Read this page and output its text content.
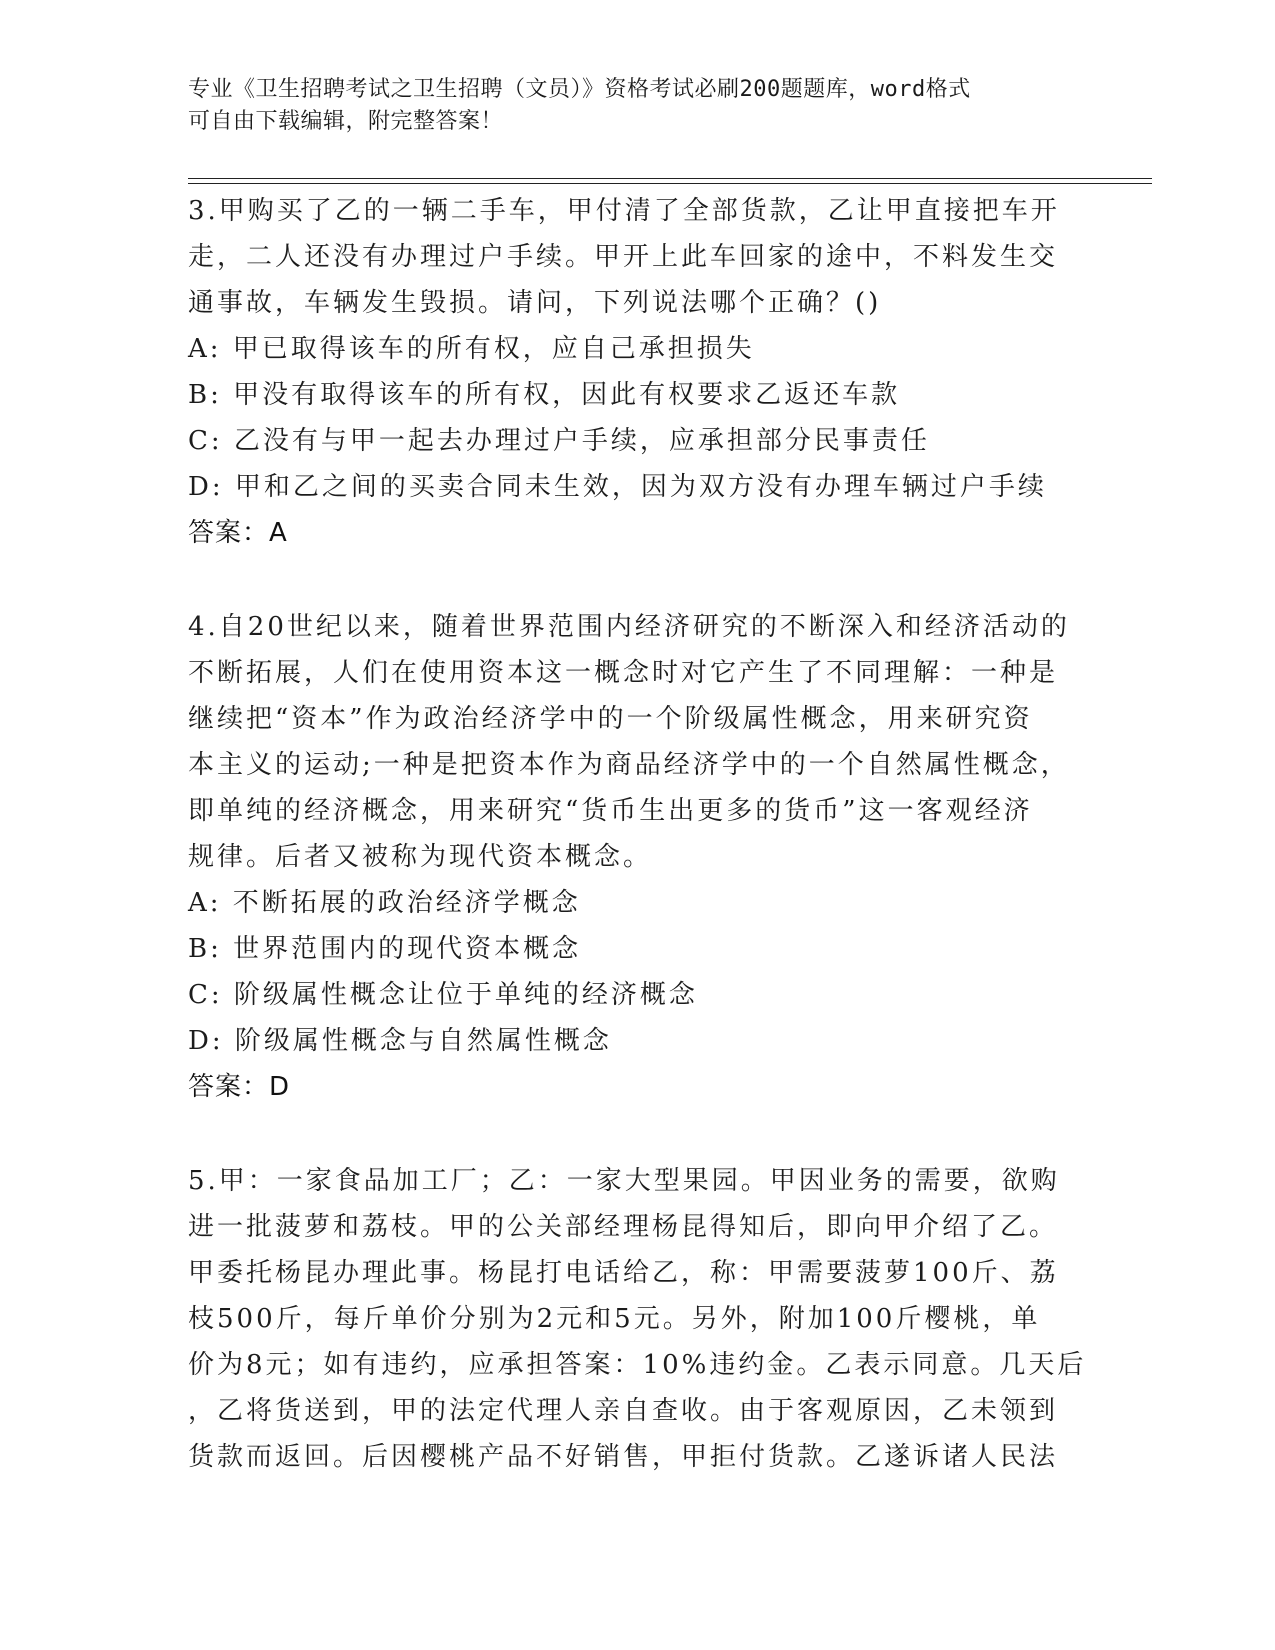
专业《卫生招聘考试之卫生招聘（文员）》资格考试必刷200题题库，word格式
可自由下载编辑，附完整答案！
3.甲购买了乙的一辆二手车，甲付清了全部货款，乙让甲直接把车开
走，二人还没有办理过户手续。甲开上此车回家的途中，不料发生交
通事故，车辆发生毁损。请问，下列说法哪个正确？()
A: 甲已取得该车的所有权，应自己承担损失
B: 甲没有取得该车的所有权，因此有权要求乙返还车款
C: 乙没有与甲一起去办理过户手续，应承担部分民事责任
D: 甲和乙之间的买卖合同未生效，因为双方没有办理车辆过户手续
答案：A
4.自20世纪以来，随着世界范围内经济研究的不断深入和经济活动的
不断拓展，人们在使用资本这一概念时对它产生了不同理解：一种是
继续把“资本”作为政治经济学中的一个阶级属性概念，用来研究资
本主义的运动;一种是把资本作为商品经济学中的一个自然属性概念，
即单纯的经济概念，用来研究“货币生出更多的货币”这一客观经济
规律。后者又被称为现代资本概念。
A: 不断拓展的政治经济学概念
B: 世界范围内的现代资本概念
C: 阶级属性概念让位于单纯的经济概念
D: 阶级属性概念与自然属性概念
答案：D
5.甲：一家食品加工厂；乙：一家大型果园。甲因业务的需要，欲购
进一批菠萝和荔枝。甲的公关部经理杨昆得知后，即向甲介绍了乙。
甲委托杨昆办理此事。杨昆打电话给乙，称：甲需要菠萝100斤、荔
枝500斤，每斤单价分别为2元和5元。另外，附加100斤樱桃，单
价为8元；如有违约，应承担答案：10%违约金。乙表示同意。几天后
，乙将货送到，甲的法定代理人亲自查收。由于客观原因，乙未领到
货款而返回。后因樱桃产品不好销售，甲拒付货款。乙遂诉诸人民法
